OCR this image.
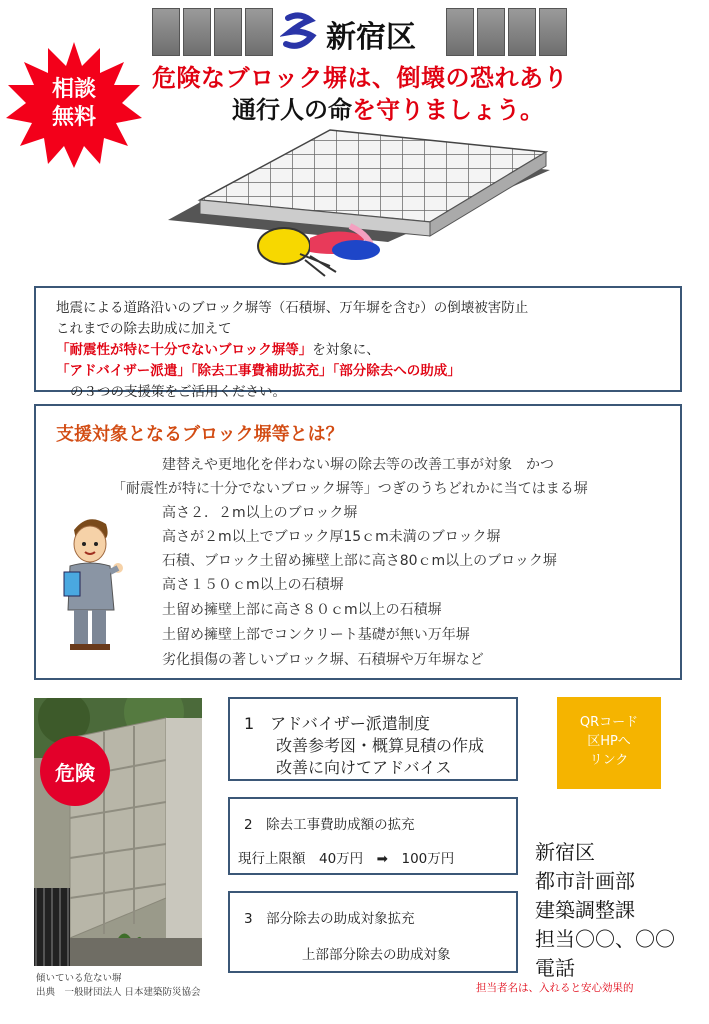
新宿区
相談
無料
危険なブロック塀は、倒壊の恐れあり
通行人の命を守りましょう。
地震による道路沿いのブロック塀等（石積塀、万年塀を含む）の倒壊被害防止
これまでの除去助成に加えて
「耐震性が特に十分でないブロック塀等」を対象に、
「アドバイザー派遣」「除去工事費補助拡充」「部分除去への助成」
の３つの支援策をご活用ください。
支援対象となるブロック塀等とは？
建替えや更地化を伴わない塀の除去等の改善工事が対象　かつ
「耐震性が特に十分でないブロック塀等」つぎのうちどれかに当てはまる塀
高さ２．２m以上のブロック塀
高さが２m以上でブロック厚15ｃm未満のブロック塀
石積、ブロック土留め擁壁上部に高さ80ｃm以上のブロック塀
高さ１５０ｃm以上の石積塀
土留め擁壁上部に高さ８０ｃm以上の石積塀
土留め擁壁上部でコンクリート基礎が無い万年塀
劣化損傷の著しいブロック塀、石積塀や万年塀など
危険
傾いている危ない塀
出典　一般財団法人 日本建築防災協会
1　アドバイザー派遣制度
改善参考図・概算見積の作成
改善に向けてアドバイス
2　除去工事費助成額の拡充
現行上限額　40万円　➡　100万円
3　部分除去の助成対象拡充
上部部分除去の助成対象
QRコード
区HPへ
リンク
新宿区
都市計画部
建築調整課
担当〇〇、〇〇
電話
担当者名は、入れると安心効果的
